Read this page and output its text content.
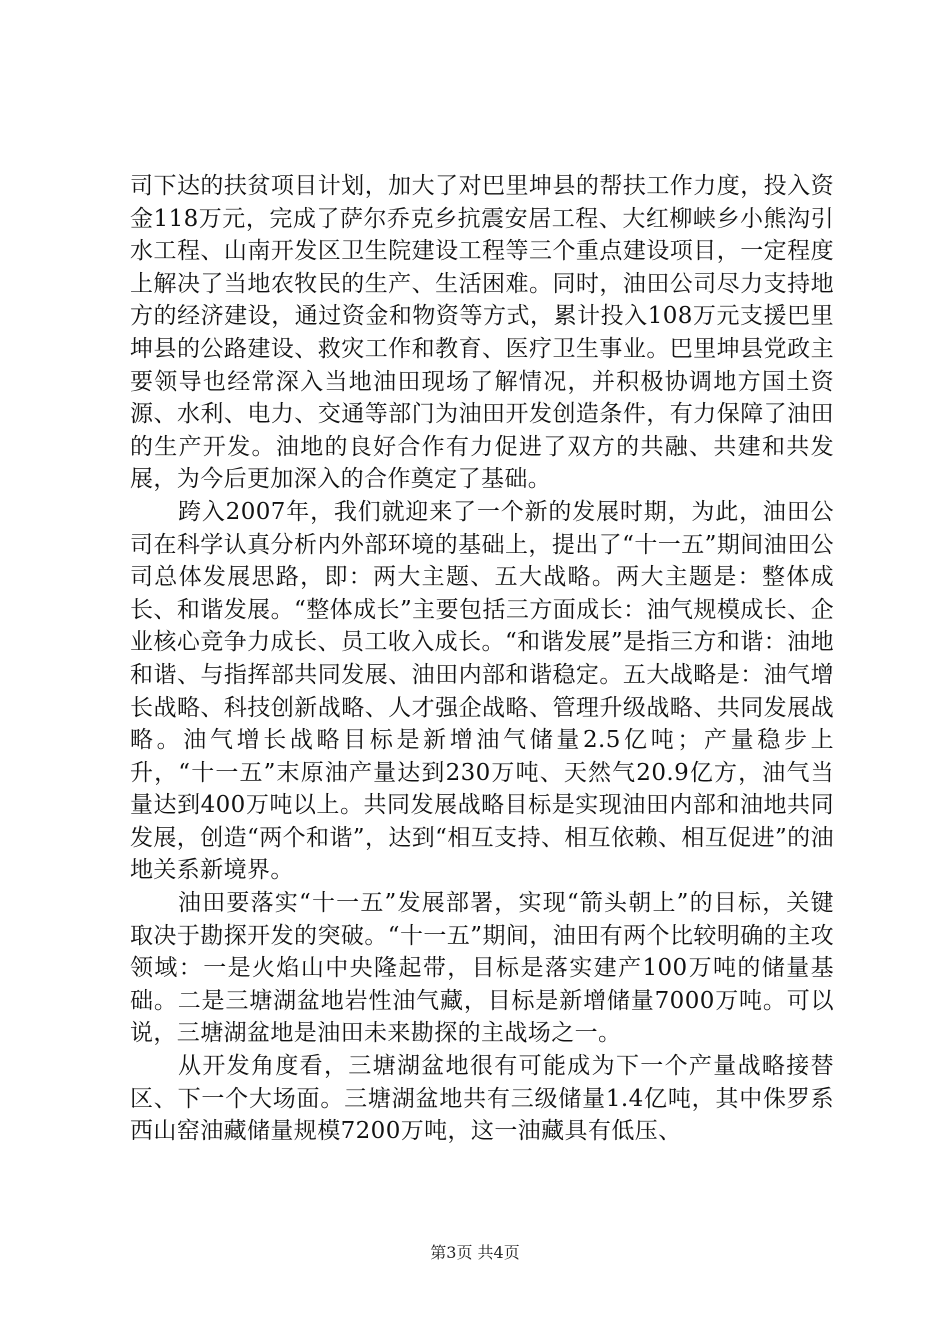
司下达的扶贫项目计划，加大了对巴里坤县的帮扶工作力度，投入资金118万元，完成了萨尔乔克乡抗震安居工程、大红柳峡乡小熊沟引水工程、山南开发区卫生院建设工程等三个重点建设项目，一定程度上解决了当地农牧民的生产、生活困难。同时，油田公司尽力支持地方的经济建设，通过资金和物资等方式，累计投入108万元支援巴里坤县的公路建设、救灾工作和教育、医疗卫生事业。巴里坤县党政主要领导也经常深入当地油田现场了解情况，并积极协调地方国土资源、水利、电力、交通等部门为油田开发创造条件，有力保障了油田的生产开发。油地的良好合作有力促进了双方的共融、共建和共发展，为今后更加深入的合作奠定了基础。

跨入2007年，我们就迎来了一个新的发展时期，为此，油田公司在科学认真分析内外部环境的基础上，提出了“十一五”期间油田公司总体发展思路，即：两大主题、五大战略。两大主题是：整体成长、和谐发展。“整体成长”主要包括三方面成长：油气规模成长、企业核心竞争力成长、员工收入成长。“和谐发展”是指三方和谐：油地和谐、与指挥部共同发展、油田内部和谐稳定。五大战略是：油气增长战略、科技创新战略、人才强企战略、管理升级战略、共同发展战略。油气增长战略目标是新增油气储量2.5亿吨；产量稳步上升，“十一五”末原油产量达到230万吨、天然气20.9亿方，油气当量达到400万吨以上。共同发展战略目标是实现油田内部和油地共同发展，创造“两个和谐”，达到“相互支持、相互依赖、相互促进”的油地关系新境界。

油田要落实“十一五”发展部署，实现“箭头朝上”的目标，关键取决于勘探开发的突破。“十一五”期间，油田有两个比较明确的主攻领域：一是火焰山中央隆起带，目标是落实建产100万吨的储量基础。二是三塘湖盆地岩性油气藏，目标是新增储量7000万吨。可以说，三塘湖盆地是油田未来勘探的主战场之一。

从开发角度看，三塘湖盆地很有可能成为下一个产量战略接替区、下一个大场面。三塘湖盆地共有三级储量1.4亿吨，其中侏罗系西山窑油藏储量规模7200万吨，这一油藏具有低压、

第3页 共4页
